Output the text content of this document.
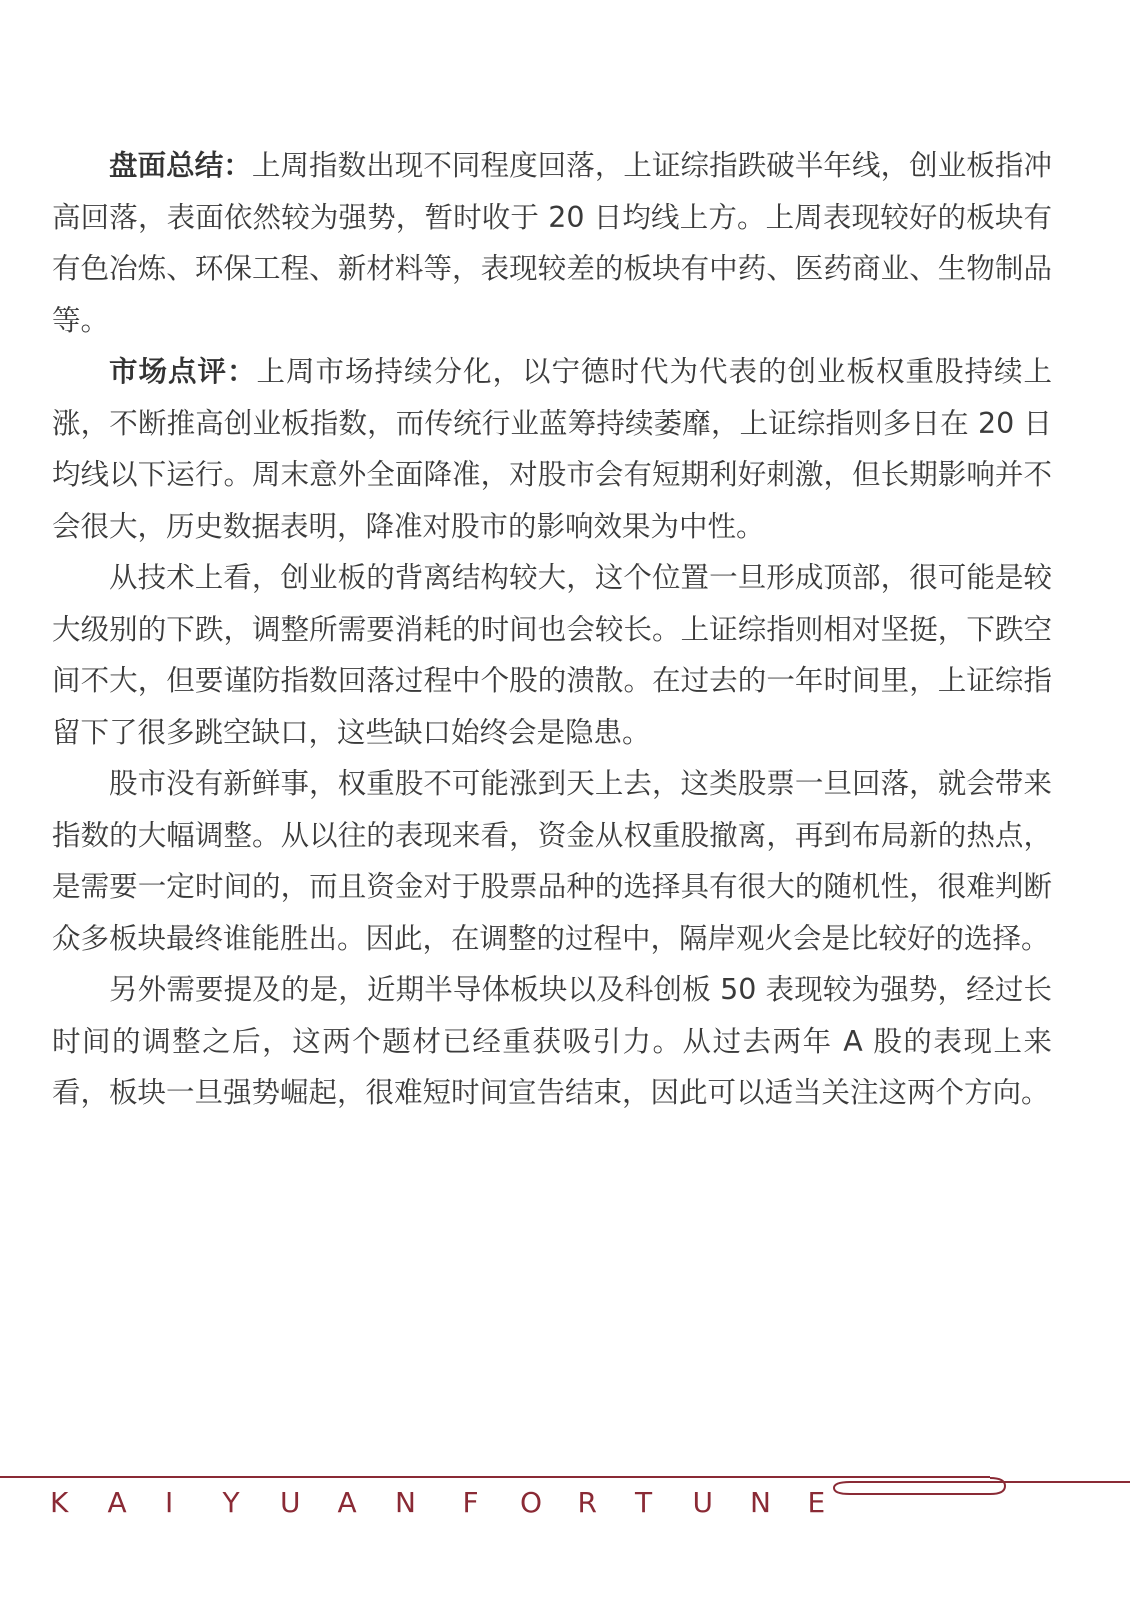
盘面总结：上周指数出现不同程度回落，上证综指跌破半年线，创业板指冲高回落，表面依然较为强势，暂时收于 20 日均线上方。上周表现较好的板块有有色冶炼、环保工程、新材料等，表现较差的板块有中药、医药商业、生物制品等。

市场点评：上周市场持续分化，以宁德时代为代表的创业板权重股持续上涨，不断推高创业板指数，而传统行业蓝筹持续萎靡，上证综指则多日在 20 日均线以下运行。周末意外全面降准，对股市会有短期利好刺激，但长期影响并不会很大，历史数据表明，降准对股市的影响效果为中性。

从技术上看，创业板的背离结构较大，这个位置一旦形成顶部，很可能是较大级别的下跌，调整所需要消耗的时间也会较长。上证综指则相对坚挺，下跌空间不大，但要谨防指数回落过程中个股的溃散。在过去的一年时间里，上证综指留下了很多跳空缺口，这些缺口始终会是隐患。

股市没有新鲜事，权重股不可能涨到天上去，这类股票一旦回落，就会带来指数的大幅调整。从以往的表现来看，资金从权重股撤离，再到布局新的热点，是需要一定时间的，而且资金对于股票品种的选择具有很大的随机性，很难判断众多板块最终谁能胜出。因此，在调整的过程中，隔岸观火会是比较好的选择。

另外需要提及的是，近期半导体板块以及科创板 50 表现较为强势，经过长时间的调整之后，这两个题材已经重获吸引力。从过去两年 A 股的表现上来看，板块一旦强势崛起，很难短时间宣告结束，因此可以适当关注这两个方向。

K	A	I	Y	U	A	N	F	O	R	T	U	N	E
